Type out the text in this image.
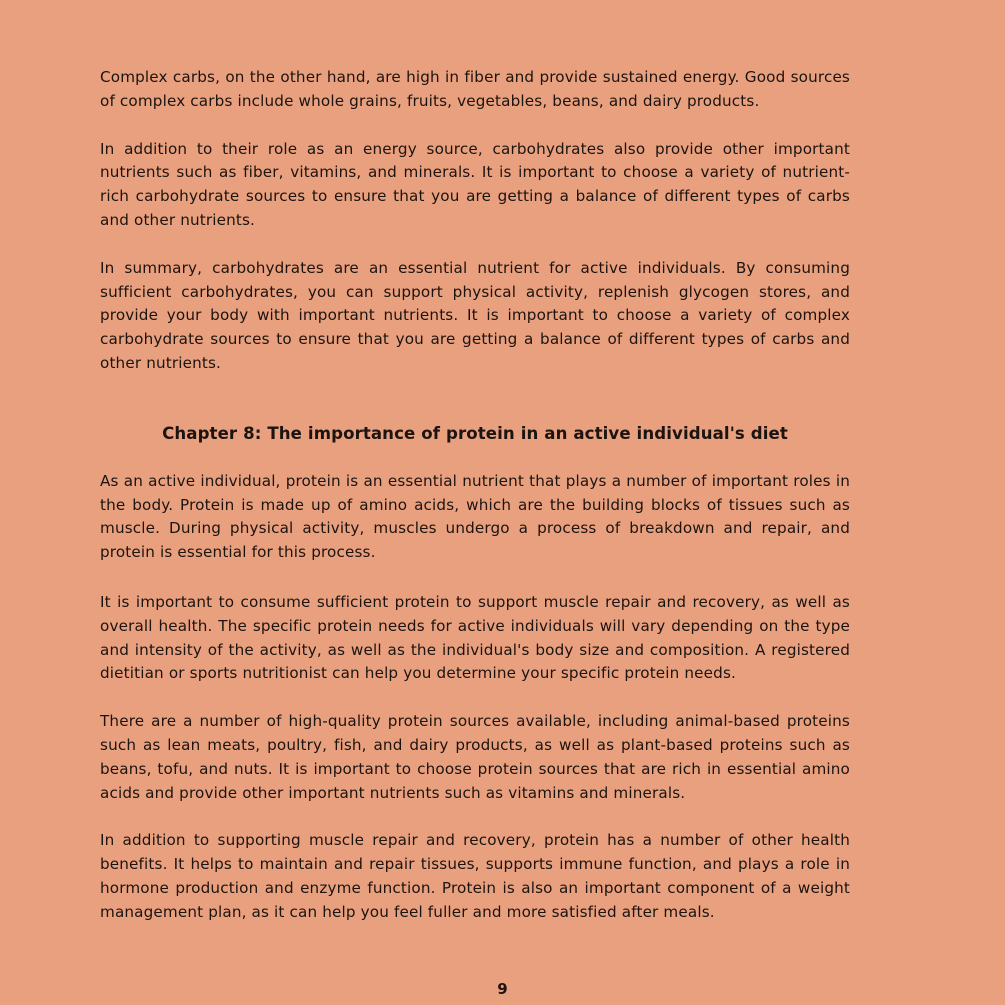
Complex carbs, on the other hand, are high in fiber and provide sustained energy. Good sources of complex carbs include whole grains, fruits, vegetables, beans, and dairy products.

In addition to their role as an energy source, carbohydrates also provide other important nutrients such as fiber, vitamins, and minerals. It is important to choose a variety of nutrient-rich carbohydrate sources to ensure that you are getting a balance of different types of carbs and other nutrients.

In summary, carbohydrates are an essential nutrient for active individuals. By consuming sufficient carbohydrates, you can support physical activity, replenish glycogen stores, and provide your body with important nutrients. It is important to choose a variety of complex carbohydrate sources to ensure that you are getting a balance of different types of carbs and other nutrients.

Chapter 8: The importance of protein in an active individual's diet

As an active individual, protein is an essential nutrient that plays a number of important roles in the body. Protein is made up of amino acids, which are the building blocks of tissues such as muscle. During physical activity, muscles undergo a process of breakdown and repair, and protein is essential for this process.

It is important to consume sufficient protein to support muscle repair and recovery, as well as overall health. The specific protein needs for active individuals will vary depending on the type and intensity of the activity, as well as the individual's body size and composition. A registered dietitian or sports nutritionist can help you determine your specific protein needs.

There are a number of high-quality protein sources available, including animal-based proteins such as lean meats, poultry, fish, and dairy products, as well as plant-based proteins such as beans, tofu, and nuts. It is important to choose protein sources that are rich in essential amino acids and provide other important nutrients such as vitamins and minerals.

In addition to supporting muscle repair and recovery, protein has a number of other health benefits. It helps to maintain and repair tissues, supports immune function, and plays a role in hormone production and enzyme function. Protein is also an important component of a weight management plan, as it can help you feel fuller and more satisfied after meals.

9
